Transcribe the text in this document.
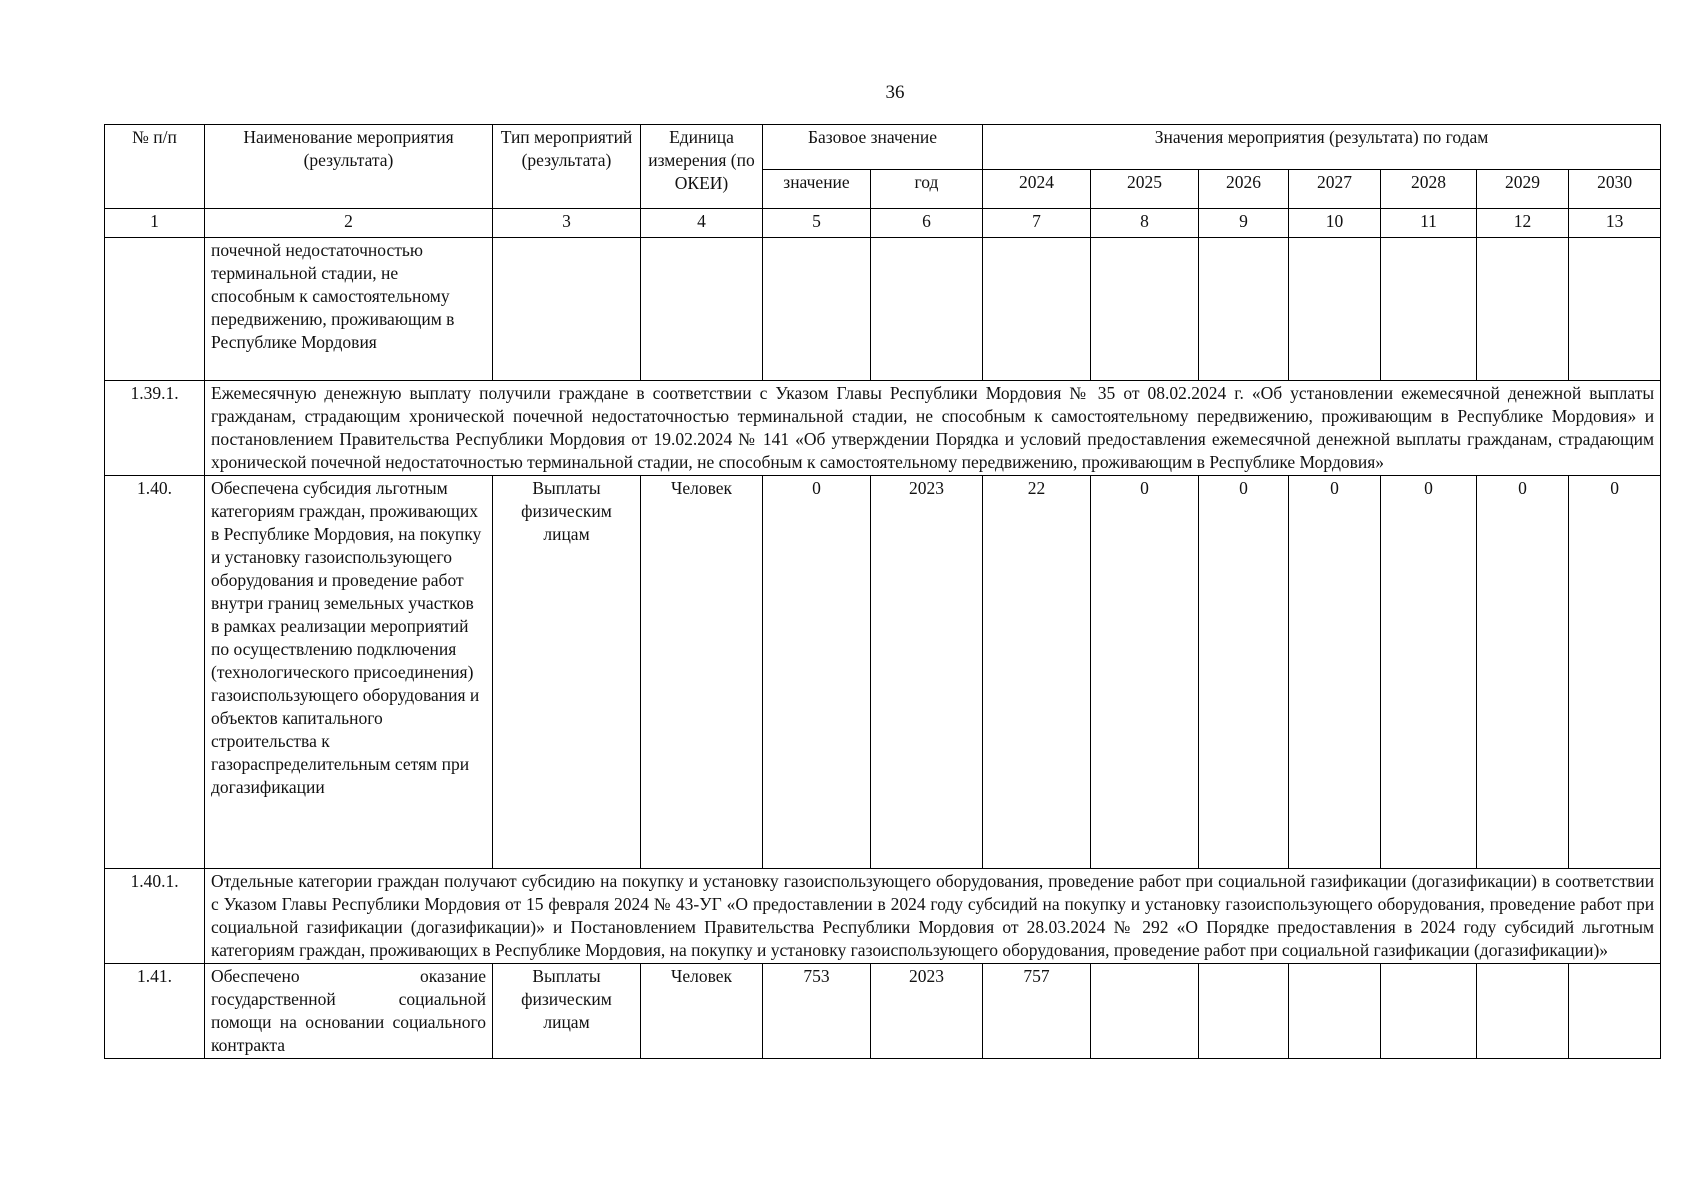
36
№ п/п	Наименование мероприятия (результата)	Тип мероприятий (результата)	Единица измерения (по ОКЕИ)	Базовое значение		Значения мероприятия (результата) по годам						
				значение	год	2024	2025	2026	2027	2028	2029	2030
1	2	3	4	5	6	7	8	9	10	11	12	13
	почечной недостаточностью терминальной стадии, не способным к самостоятельному передвижению, проживающим в Республике Мордовия											
1.39.1.	Ежемесячную денежную выплату получили граждане в соответствии с Указом Главы Республики Мордовия № 35 от 08.02.2024 г. «Об установлении ежемесячной денежной выплаты гражданам, страдающим хронической почечной недостаточностью терминальной стадии, не способным к самостоятельному передвижению, проживающим в Республике Мордовия» и постановлением Правительства Республики Мордовия от 19.02.2024 № 141 «Об утверждении Порядка и условий предоставления ежемесячной денежной выплаты гражданам, страдающим хронической почечной недостаточностью терминальной стадии, не способным к самостоятельному передвижению, проживающим в Республике Мордовия»											
1.40.	Обеспечена субсидия льготным категориям граждан, проживающих в Республике Мордовия, на покупку и установку газоиспользующего оборудования и проведение работ внутри границ земельных участков в рамках реализации мероприятий по осуществлению подключения (технологического присоединения) газоиспользующего оборудования и объектов капитального строительства к газораспределительным сетям при догазификации	Выплаты физическим лицам	Человек	0	2023	22	0	0	0	0	0	0
1.40.1.	Отдельные категории граждан получают субсидию на покупку и установку газоиспользующего оборудования, проведение работ при социальной газификации (догазификации) в соответствии с Указом Главы Республики Мордовия от 15 февраля 2024 № 43-УГ «О предоставлении в 2024 году субсидий на покупку и установку газоиспользующего оборудования, проведение работ при социальной газификации (догазификации)» и Постановлением Правительства Республики Мордовия от 28.03.2024 № 292 «О Порядке предоставления в 2024 году субсидий льготным категориям граждан, проживающих в Республике Мордовия, на покупку и установку газоиспользующего оборудования, проведение работ при социальной газификации (догазификации)»											
1.41.	Обеспечено оказание государственной социальной помощи на основании социального контракта	Выплаты физическим лицам	Человек	753	2023	757						
